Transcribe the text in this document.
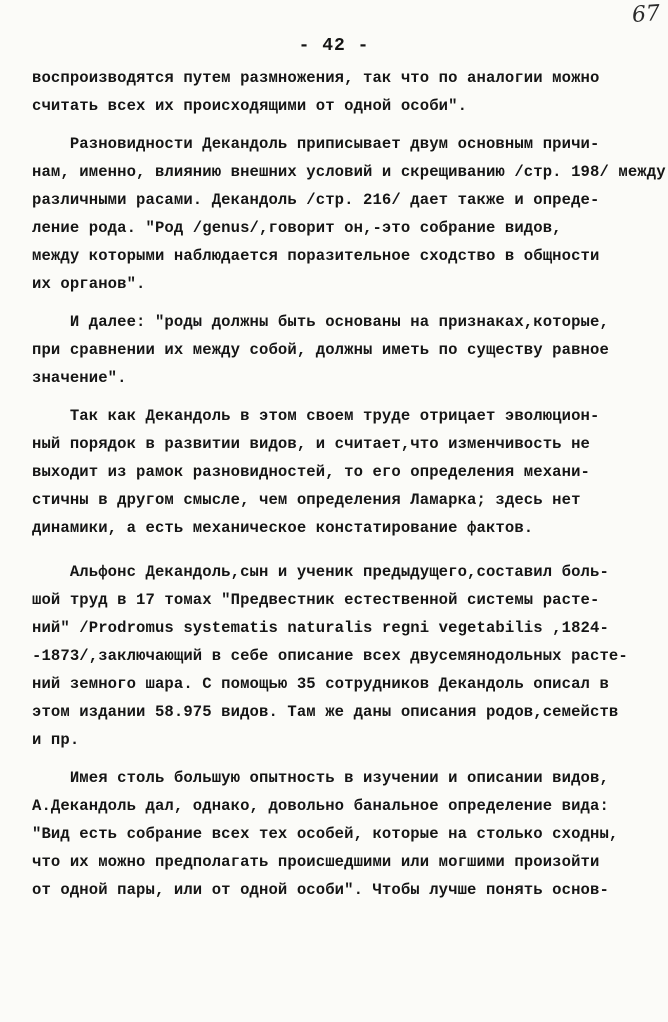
67
- 42 -
воспроизводятся путем размножения, так что по аналогии можно
считать всех их происходящими от одной особи".
Разновидности Декандоль приписывает двум основным причи-
нам, именно, влиянию внешних условий и скрещиванию /стр. 198/ между
различными расами. Декандоль /стр. 216/ дает также и опреде-
ление рода. "Род /genus/,говорит он,-это собрание видов,
между которыми наблюдается поразительное сходство в общности
их органов".
И далее: "роды должны быть основаны на признаках,которые,
при сравнении их между собой, должны иметь по существу равное
значение".
Так как Декандоль в этом своем труде отрицает эволюцион-
ный порядок в развитии видов, и считает,что изменчивость не
выходит из рамок разновидностей, то его определения механи-
стичны в другом смысле, чем определения Ламарка; здесь нет
динамики, а есть механическое констатирование фактов.
Альфонс Декандоль,сын и ученик предыдущего,составил боль-
шой труд в 17 томах "Предвестник естественной системы расте-
ний" /Prodromus systematis naturalis regni vegetabilis ,1824-
-1873/,заключающий в себе описание всех двусемянодольных расте-
ний земного шара. С помощью 35 сотрудников Декандоль описал в
этом издании 58.975 видов. Там же даны описания родов,семейств
и пр.
Имея столь большую опытность в изучении и описании видов,
А.Декандоль дал, однако, довольно банальное определение вида:
"Вид есть собрание всех тех особей, которые на столько сходны,
что их можно предполагать происшедшими или могшими произойти
от одной пары, или от одной особи". Чтобы лучше понять основ-
